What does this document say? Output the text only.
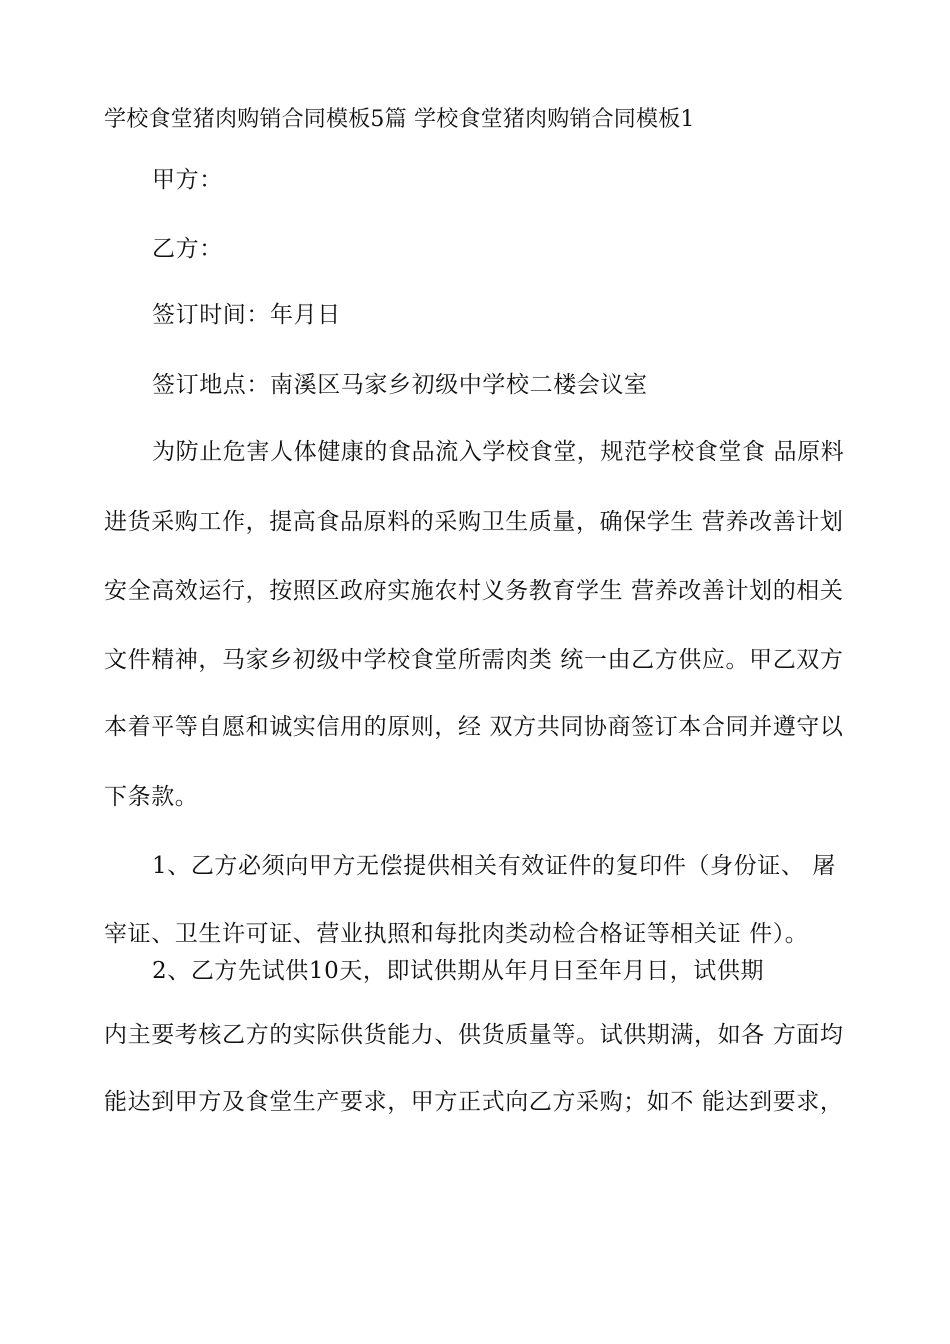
学校食堂猪肉购销合同模板5篇 学校食堂猪肉购销合同模板1
甲方：
乙方：
签订时间：年月日
签订地点：南溪区马家乡初级中学校二楼会议室
为防止危害人体健康的食品流入学校食堂，规范学校食堂食 品原料
进货采购工作，提高食品原料的采购卫生质量，确保学生 营养改善计划
安全高效运行，按照区政府实施农村义务教育学生 营养改善计划的相关
文件精神，马家乡初级中学校食堂所需肉类 统一由乙方供应。甲乙双方
本着平等自愿和诚实信用的原则，经 双方共同协商签订本合同并遵守以
下条款。
1、乙方必须向甲方无偿提供相关有效证件的复印件（身份证、 屠
宰证、卫生许可证、营业执照和每批肉类动检合格证等相关证 件）。
2、乙方先试供10天，即试供期从年月日至年月日，试供期
内主要考核乙方的实际供货能力、供货质量等。试供期满，如各 方面均
能达到甲方及食堂生产要求，甲方正式向乙方采购；如不 能达到要求，
